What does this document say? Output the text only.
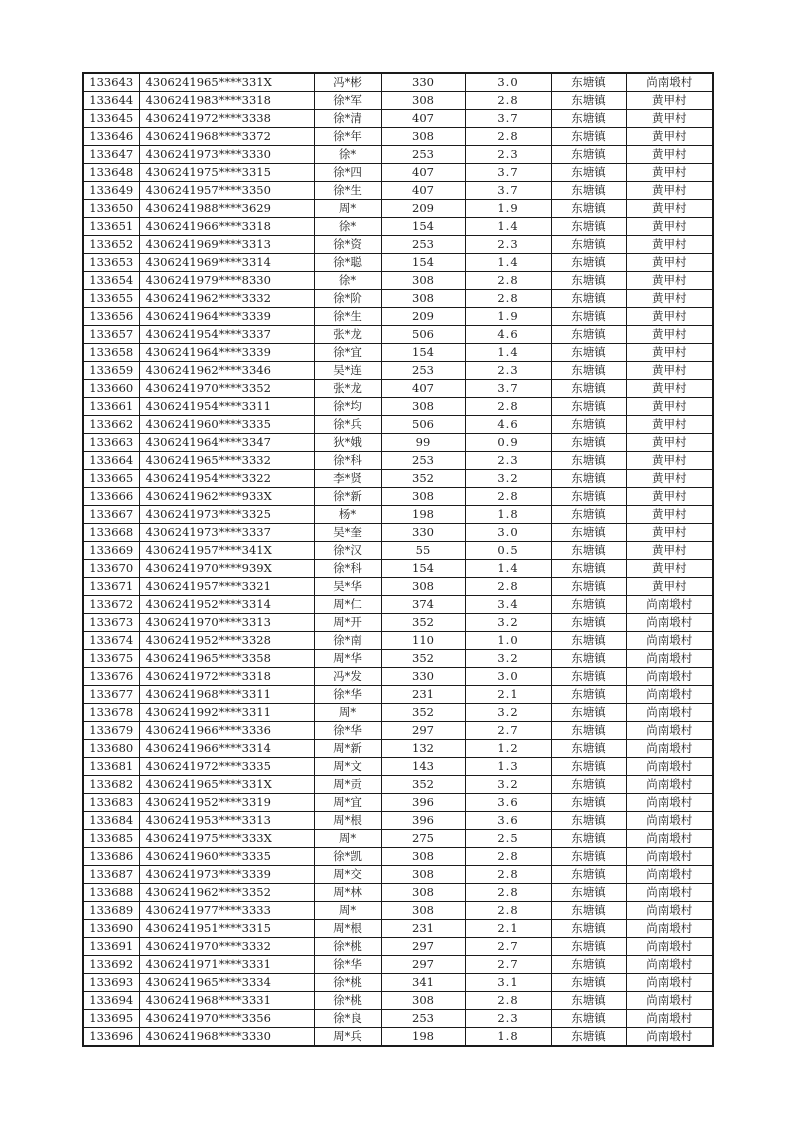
133643	4306241965****331X	冯*彬	330	3.0	东塘镇	尚南塅村
133644	4306241983****3318	徐*军	308	2.8	东塘镇	黄甲村
133645	4306241972****3338	徐*清	407	3.7	东塘镇	黄甲村
133646	4306241968****3372	徐*年	308	2.8	东塘镇	黄甲村
133647	4306241973****3330	徐*	253	2.3	东塘镇	黄甲村
133648	4306241975****3315	徐*四	407	3.7	东塘镇	黄甲村
133649	4306241957****3350	徐*生	407	3.7	东塘镇	黄甲村
133650	4306241988****3629	周*	209	1.9	东塘镇	黄甲村
133651	4306241966****3318	徐*	154	1.4	东塘镇	黄甲村
133652	4306241969****3313	徐*资	253	2.3	东塘镇	黄甲村
133653	4306241969****3314	徐*聪	154	1.4	东塘镇	黄甲村
133654	4306241979****8330	徐*	308	2.8	东塘镇	黄甲村
133655	4306241962****3332	徐*阶	308	2.8	东塘镇	黄甲村
133656	4306241964****3339	徐*生	209	1.9	东塘镇	黄甲村
133657	4306241954****3337	张*龙	506	4.6	东塘镇	黄甲村
133658	4306241964****3339	徐*宜	154	1.4	东塘镇	黄甲村
133659	4306241962****3346	吴*连	253	2.3	东塘镇	黄甲村
133660	4306241970****3352	张*龙	407	3.7	东塘镇	黄甲村
133661	4306241954****3311	徐*均	308	2.8	东塘镇	黄甲村
133662	4306241960****3335	徐*兵	506	4.6	东塘镇	黄甲村
133663	4306241964****3347	狄*娥	99	0.9	东塘镇	黄甲村
133664	4306241965****3332	徐*科	253	2.3	东塘镇	黄甲村
133665	4306241954****3322	李*贤	352	3.2	东塘镇	黄甲村
133666	4306241962****933X	徐*新	308	2.8	东塘镇	黄甲村
133667	4306241973****3325	杨*	198	1.8	东塘镇	黄甲村
133668	4306241973****3337	吴*奎	330	3.0	东塘镇	黄甲村
133669	4306241957****341X	徐*汉	55	0.5	东塘镇	黄甲村
133670	4306241970****939X	徐*科	154	1.4	东塘镇	黄甲村
133671	4306241957****3321	吴*华	308	2.8	东塘镇	黄甲村
133672	4306241952****3314	周*仁	374	3.4	东塘镇	尚南塅村
133673	4306241970****3313	周*开	352	3.2	东塘镇	尚南塅村
133674	4306241952****3328	徐*南	110	1.0	东塘镇	尚南塅村
133675	4306241965****3358	周*华	352	3.2	东塘镇	尚南塅村
133676	4306241972****3318	冯*发	330	3.0	东塘镇	尚南塅村
133677	4306241968****3311	徐*华	231	2.1	东塘镇	尚南塅村
133678	4306241992****3311	周*	352	3.2	东塘镇	尚南塅村
133679	4306241966****3336	徐*华	297	2.7	东塘镇	尚南塅村
133680	4306241966****3314	周*新	132	1.2	东塘镇	尚南塅村
133681	4306241972****3335	周*文	143	1.3	东塘镇	尚南塅村
133682	4306241965****331X	周*贡	352	3.2	东塘镇	尚南塅村
133683	4306241952****3319	周*宜	396	3.6	东塘镇	尚南塅村
133684	4306241953****3313	周*根	396	3.6	东塘镇	尚南塅村
133685	4306241975****333X	周*	275	2.5	东塘镇	尚南塅村
133686	4306241960****3335	徐*凯	308	2.8	东塘镇	尚南塅村
133687	4306241973****3339	周*交	308	2.8	东塘镇	尚南塅村
133688	4306241962****3352	周*林	308	2.8	东塘镇	尚南塅村
133689	4306241977****3333	周*	308	2.8	东塘镇	尚南塅村
133690	4306241951****3315	周*根	231	2.1	东塘镇	尚南塅村
133691	4306241970****3332	徐*桃	297	2.7	东塘镇	尚南塅村
133692	4306241971****3331	徐*华	297	2.7	东塘镇	尚南塅村
133693	4306241965****3334	徐*桃	341	3.1	东塘镇	尚南塅村
133694	4306241968****3331	徐*桃	308	2.8	东塘镇	尚南塅村
133695	4306241970****3356	徐*良	253	2.3	东塘镇	尚南塅村
133696	4306241968****3330	周*兵	198	1.8	东塘镇	尚南塅村
